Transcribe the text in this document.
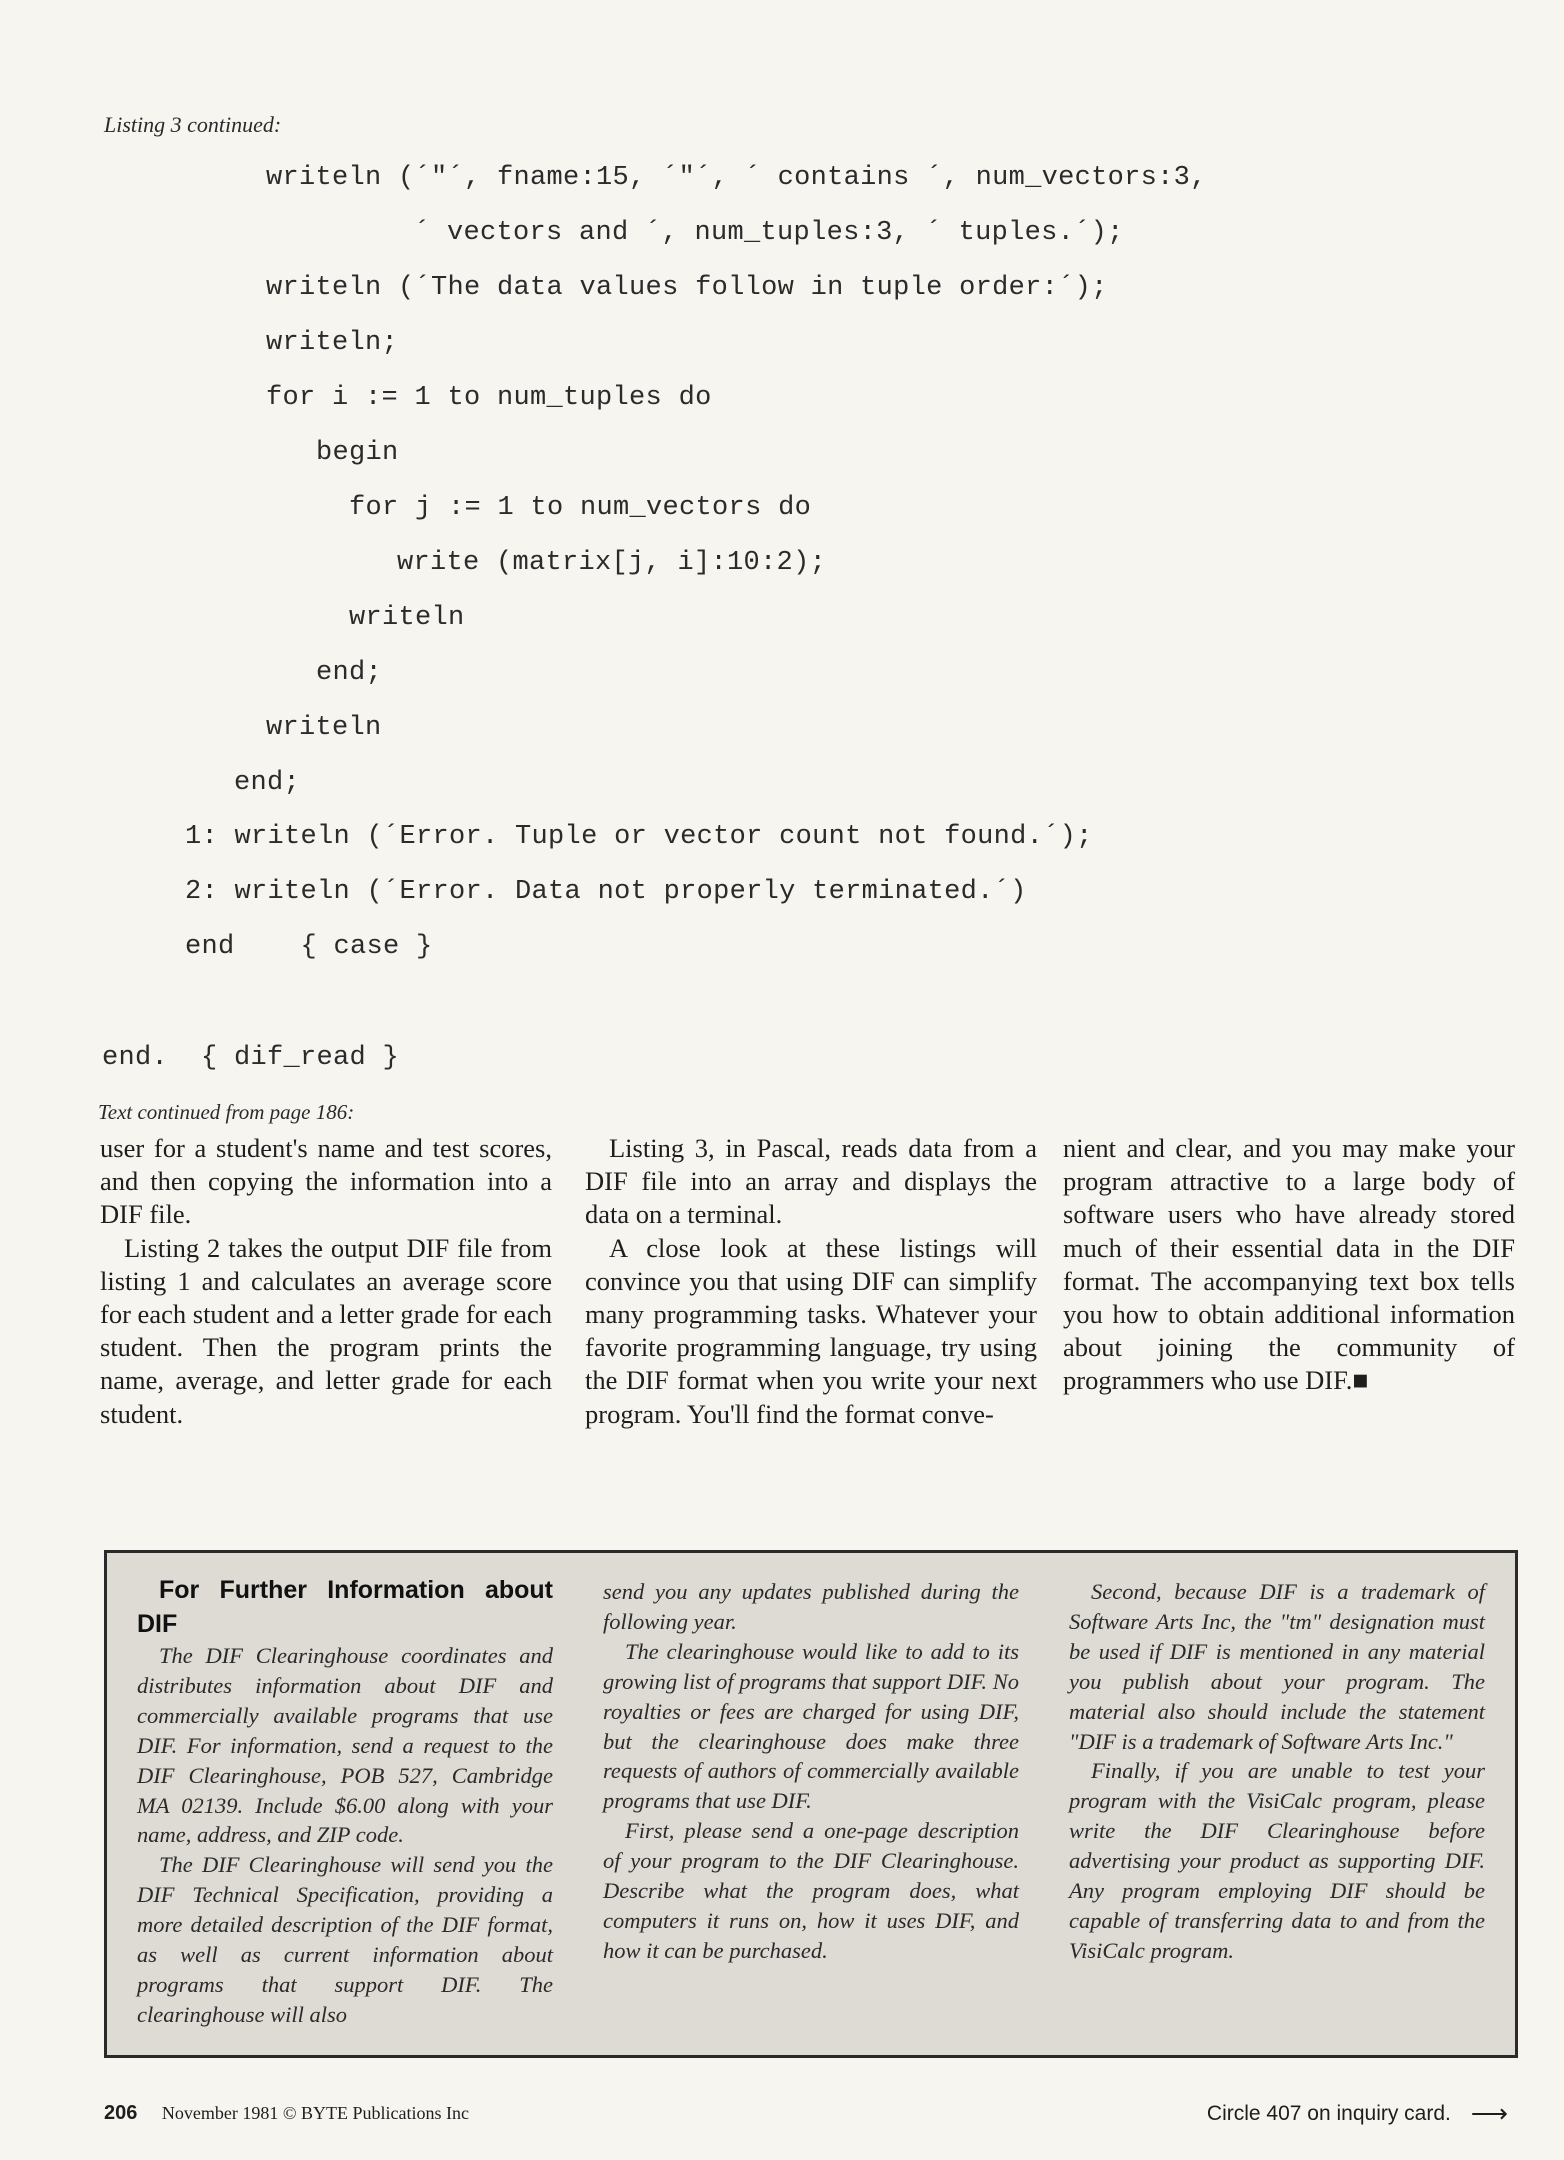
Listing 3 continued:
writeln (´"´, fname:15, ´"´, ´ contains ´, num_vectors:3,
´ vectors and ´, num_tuples:3, ´ tuples.´);
writeln (´The data values follow in tuple order:´);
writeln;
for i := 1 to num_tuples do
begin
for j := 1 to num_vectors do
write (matrix[j, i]:10:2);
writeln
end;
writeln
end;
1: writeln (´Error. Tuple or vector count not found.´);
2: writeln (´Error. Data not properly terminated.´)
end    { case }
end.  { dif_read }
Text continued from page 186:

user for a student's name and test scores, and then copying the information into a DIF file.

Listing 2 takes the output DIF file from listing 1 and calculates an average score for each student and a letter grade for each student. Then the program prints the name, average, and letter grade for each student.

Listing 3, in Pascal, reads data from a DIF file into an array and displays the data on a terminal.

A close look at these listings will convince you that using DIF can simplify many programming tasks. Whatever your favorite programming language, try using the DIF format when you write your next program. You'll find the format conve-

nient and clear, and you may make your program attractive to a large body of software users who have already stored much of their essential data in the DIF format. The accompanying text box tells you how to obtain additional information about joining the community of programmers who use DIF.■

For Further Information about DIF

The DIF Clearinghouse coordinates and distributes information about DIF and commercially available programs that use DIF. For information, send a request to the DIF Clearinghouse, POB 527, Cambridge MA 02139. Include $6.00 along with your name, address, and ZIP code.

The DIF Clearinghouse will send you the DIF Technical Specification, providing a more detailed description of the DIF format, as well as current information about programs that support DIF. The clearinghouse will also

send you any updates published during the following year.

The clearinghouse would like to add to its growing list of programs that support DIF. No royalties or fees are charged for using DIF, but the clearinghouse does make three requests of authors of commercially available programs that use DIF.

First, please send a one-page description of your program to the DIF Clearinghouse. Describe what the program does, what computers it runs on, how it uses DIF, and how it can be purchased.

Second, because DIF is a trademark of Software Arts Inc, the "tm" designation must be used if DIF is mentioned in any material you publish about your program. The material also should include the statement "DIF is a trademark of Software Arts Inc."

Finally, if you are unable to test your program with the VisiCalc program, please write the DIF Clearinghouse before advertising your product as supporting DIF. Any program employing DIF should be capable of transferring data to and from the VisiCalc program.

206 November 1981 © BYTE Publications Inc	Circle 407 on inquiry card. ⟶
